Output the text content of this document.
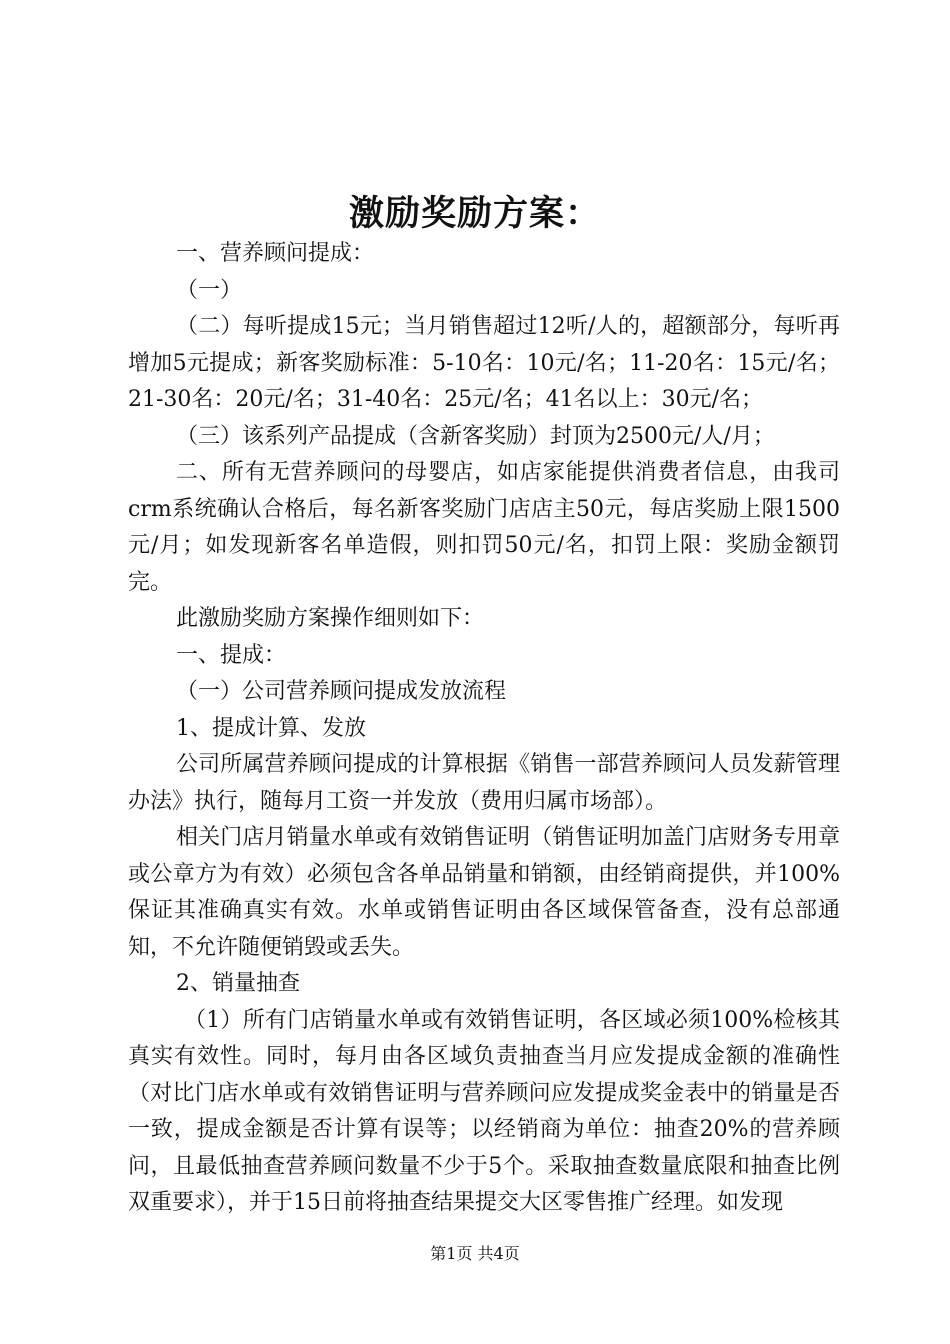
激励奖励方案：

一、营养顾问提成：

（一）

（二）每听提成15元；当月销售超过12听/人的，超额部分，每听再增加5元提成；新客奖励标准：5-10名：10元/名；11-20名：15元/名；21-30名：20元/名；31-40名：25元/名；41名以上：30元/名；

（三）该系列产品提成（含新客奖励）封顶为2500元/人/月；

二、所有无营养顾问的母婴店，如店家能提供消费者信息，由我司crm系统确认合格后，每名新客奖励门店店主50元，每店奖励上限1500元/月；如发现新客名单造假，则扣罚50元/名，扣罚上限：奖励金额罚完。

此激励奖励方案操作细则如下：

一、提成：

（一）公司营养顾问提成发放流程

1、提成计算、发放

公司所属营养顾问提成的计算根据《销售一部营养顾问人员发薪管理办法》执行，随每月工资一并发放（费用归属市场部）。

相关门店月销量水单或有效销售证明（销售证明加盖门店财务专用章或公章方为有效）必须包含各单品销量和销额，由经销商提供，并100%保证其准确真实有效。水单或销售证明由各区域保管备查，没有总部通知，不允许随便销毁或丢失。

2、销量抽查

（1）所有门店销量水单或有效销售证明，各区域必须100%检核其真实有效性。同时，每月由各区域负责抽查当月应发提成金额的准确性（对比门店水单或有效销售证明与营养顾问应发提成奖金表中的销量是否一致，提成金额是否计算有误等；以经销商为单位：抽查20%的营养顾问，且最低抽查营养顾问数量不少于5个。采取抽查数量底限和抽查比例双重要求），并于15日前将抽查结果提交大区零售推广经理。如发现

第1页 共4页
